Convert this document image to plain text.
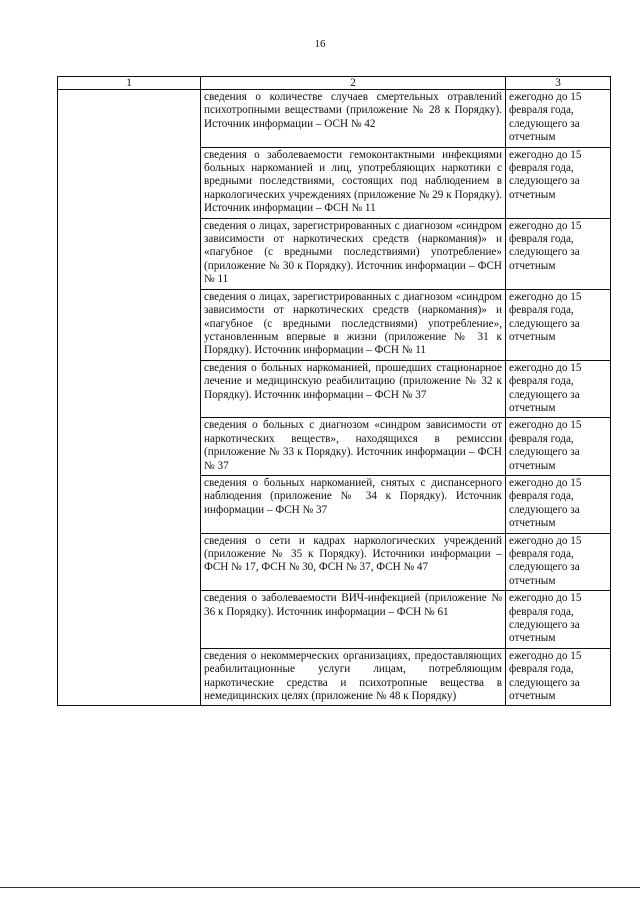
16
1	2	3
	сведения о количестве случаев смертельных отравлений психотропными веществами (приложение № 28 к Порядку). Источник информации – ОСН № 42	ежегодно до 15 февраля года, следующего за отчетным
	сведения о заболеваемости гемоконтактными инфекциями больных наркоманией и лиц, употребляющих наркотики с вредными последствиями, состоящих под наблюдением в наркологических учреждениях (приложение № 29 к Порядку). Источник информации – ФСН № 11	ежегодно до 15 февраля года, следующего за отчетным
	сведения о лицах, зарегистрированных с диагнозом «синдром зависимости от наркотических средств (наркомания)» и «пагубное (с вредными последствиями) употребление» (приложение № 30 к Порядку). Источник информации – ФСН № 11	ежегодно до 15 февраля года, следующего за отчетным
	сведения о лицах, зарегистрированных с диагнозом «синдром зависимости от наркотических средств (наркомания)» и «пагубное (с вредными последствиями) употребление», установленным впервые в жизни (приложение № 31 к Порядку). Источник информации – ФСН № 11	ежегодно до 15 февраля года, следующего за отчетным
	сведения о больных наркоманией, прошедших стационарное лечение и медицинскую реабилитацию (приложение № 32 к Порядку). Источник информации – ФСН № 37	ежегодно до 15 февраля года, следующего за отчетным
	сведения о больных с диагнозом «синдром зависимости от наркотических веществ», находящихся в ремиссии (приложение № 33 к Порядку). Источник информации – ФСН № 37	ежегодно до 15 февраля года, следующего за отчетным
	сведения о больных наркоманией, снятых с диспансерного наблюдения (приложение № 34 к Порядку). Источник информации – ФСН № 37	ежегодно до 15 февраля года, следующего за отчетным
	сведения о сети и кадрах наркологических учреждений (приложение № 35 к Порядку). Источники информации – ФСН № 17, ФСН № 30, ФСН № 37, ФСН № 47	ежегодно до 15 февраля года, следующего за отчетным
	сведения о заболеваемости ВИЧ-инфекцией (приложение № 36 к Порядку). Источник информации – ФСН № 61	ежегодно до 15 февраля года, следующего за отчетным
	сведения о некоммерческих организациях, предоставляющих реабилитационные услуги лицам, потребляющим наркотические средства и психотропные вещества в немедицинских целях (приложение № 48 к Порядку)	ежегодно до 15 февраля года, следующего за отчетным
